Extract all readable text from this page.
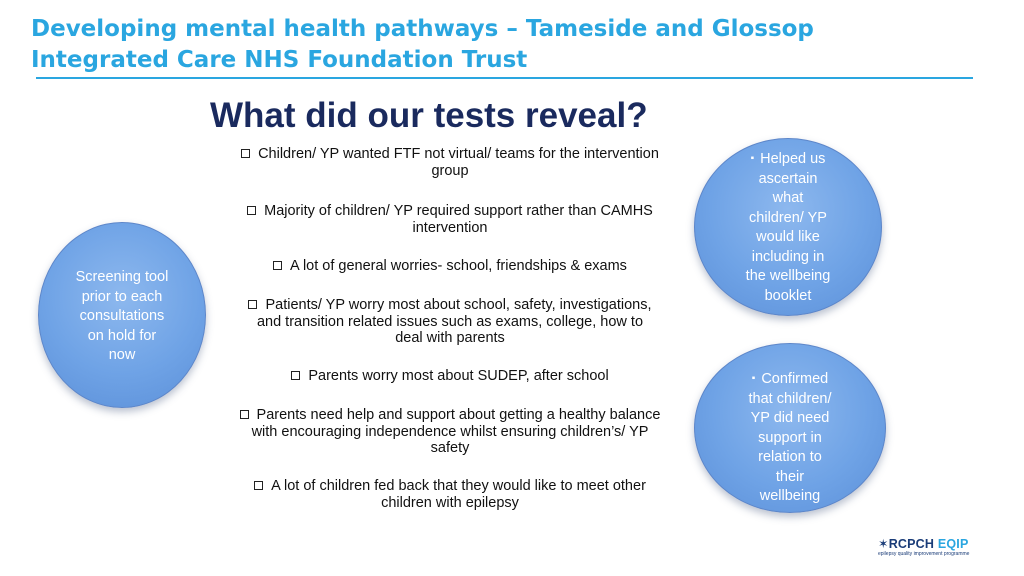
Developing mental health pathways – Tameside and Glossop
Integrated Care NHS Foundation Trust
What did our tests reveal?
Children/ YP wanted FTF not virtual/ teams for the intervention
group
Majority of children/ YP required support rather than CAMHS
intervention
A lot of general worries- school, friendships & exams
Patients/ YP worry most about school, safety, investigations,
and transition related issues such as exams, college, how to
deal with parents
Parents worry most about SUDEP, after school
Parents need help and support about getting a healthy balance
with encouraging independence whilst ensuring children’s/ YP
safety
A lot of children fed back that they would like to meet other
children with epilepsy
Screening tool
prior to each
consultations
on hold for
now
▪ Helped us
ascertain
what
children/ YP
would like
including in
the wellbeing
booklet
▪ Confirmed
that children/
YP did need
support in
relation to
their
wellbeing
✶RCPCH EQIP
epilepsy quality improvement programme
